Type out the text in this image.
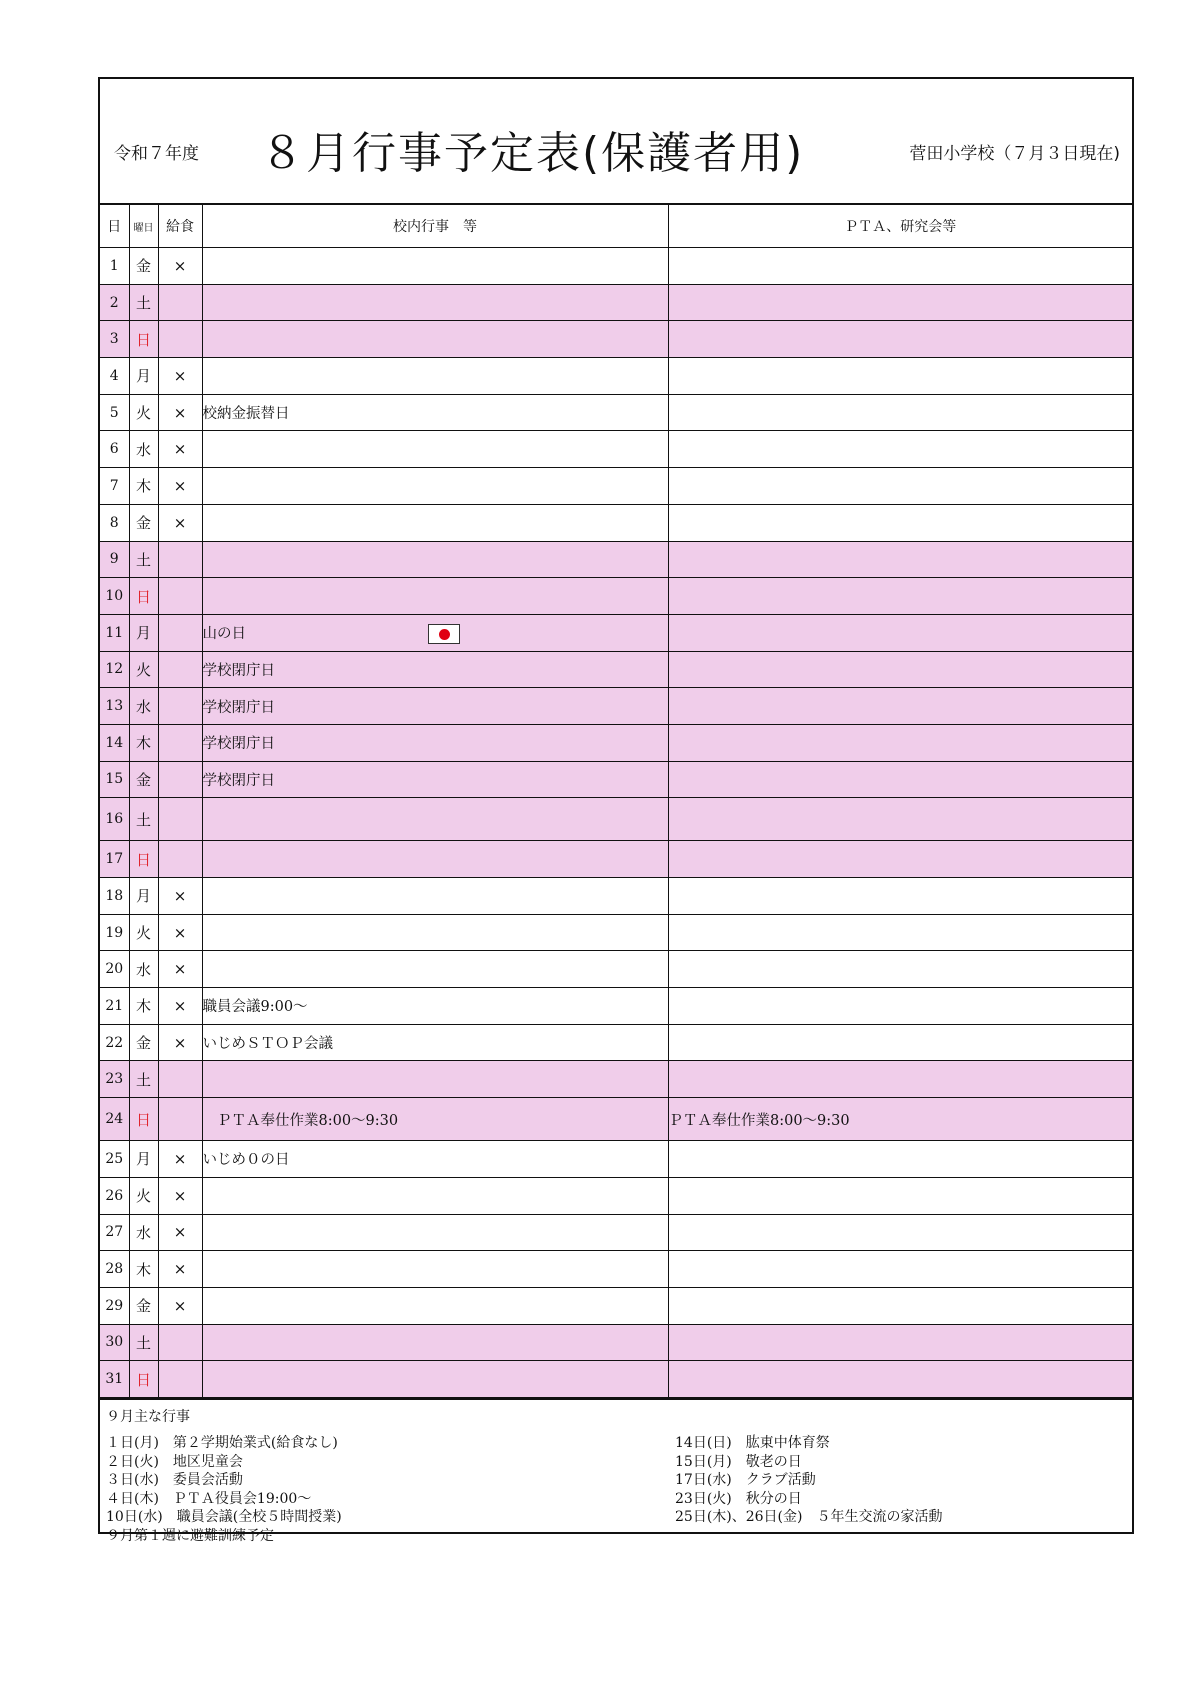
令和７年度 ８月行事予定表(保護者用)	菅田小学校（７月３日現在)
日	曜日	給食	校内行事　等	ＰＴＡ、研究会等
1	金	×		
2	土			
3	日			
4	月	×		
5	火	×	校納金振替日	
6	水	×		
7	木	×		
8	金	×		
9	土			
10	日			
11	月		山の日

12	火		学校閉庁日	
13	水		学校閉庁日	
14	木		学校閉庁日	
15	金		学校閉庁日	
16	土			
17	日			
18	月	×		
19	火	×		
20	水	×		
21	木	×	職員会議9:00～	
22	金	×	いじめＳＴＯＰ会議	
23	土			
24	日		　ＰＴＡ奉仕作業8:00～9:30	ＰＴＡ奉仕作業8:00～9:30
25	月	×	いじめ０の日	
26	火	×		
27	水	×		
28	木	×		
29	金	×		
30	土			
31	日			
９月主な行事
１日(月)　第２学期始業式(給食なし)
２日(火)　地区児童会
３日(水)　委員会活動
４日(木)　ＰＴＡ役員会19:00～
10日(水)　職員会議(全校５時間授業)
９月第１週に避難訓練予定
14日(日)　肱東中体育祭
15日(月)　敬老の日
17日(水)　クラブ活動
23日(火)　秋分の日
25日(木)、26日(金)　５年生交流の家活動
